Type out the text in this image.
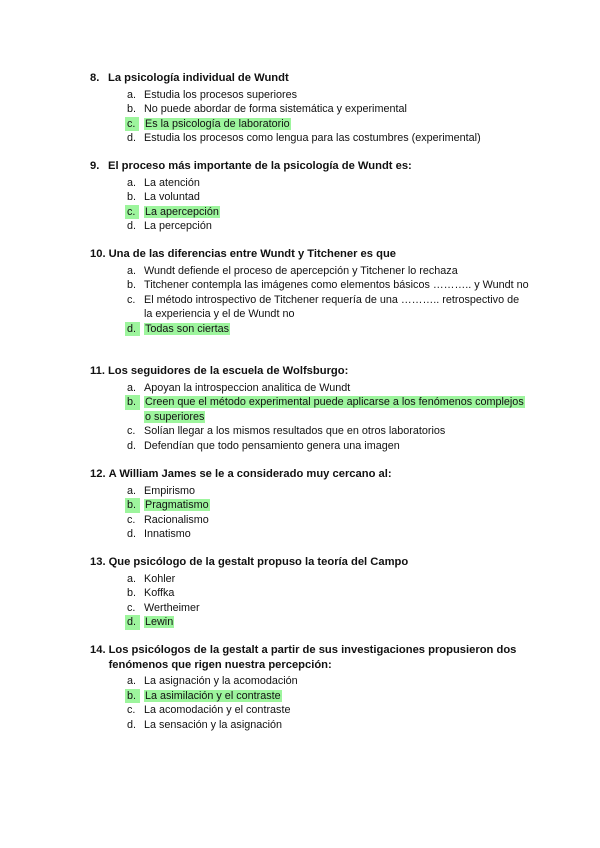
8. La psicología individual de Wundt
a. Estudia los procesos superiores
b. No puede abordar de forma sistemática y experimental
c. Es la psicología de laboratorio
d. Estudia los procesos como lengua para las costumbres (experimental)
9. El proceso más importante de la psicología de Wundt es:
a. La atención
b. La voluntad
c. La apercepción
d. La percepción
10. Una de las diferencias entre Wundt y Titchener es que
a. Wundt defiende el proceso de apercepción y Titchener lo rechaza
b. Titchener contempla las imágenes como elementos básicos ……….. y Wundt no
c. El método introspectivo de Titchener requería de una ……….. retrospectivo de la experiencia y el de Wundt no
d. Todas son ciertas
11. Los seguidores de la escuela de Wolfsburgo:
a. Apoyan la introspeccion analitica de Wundt
b. Creen que el método experimental puede aplicarse a los fenómenos complejos o superiores
c. Solían llegar a los mismos resultados que en otros laboratorios
d. Defendían que todo pensamiento genera una imagen
12. A William James se le a considerado muy cercano al:
a. Empirismo
b. Pragmatismo
c. Racionalismo
d. Innatismo
13. Que psicólogo de la gestalt propuso la teoría del Campo
a. Kohler
b. Koffka
c. Wertheimer
d. Lewin
14. Los psicólogos de la gestalt a partir de sus investigaciones propusieron dos fenómenos que rigen nuestra percepción:
a. La asignación y la acomodación
b. La asimilación y el contraste
c. La acomodación y el contraste
d. La sensación y la asignación
